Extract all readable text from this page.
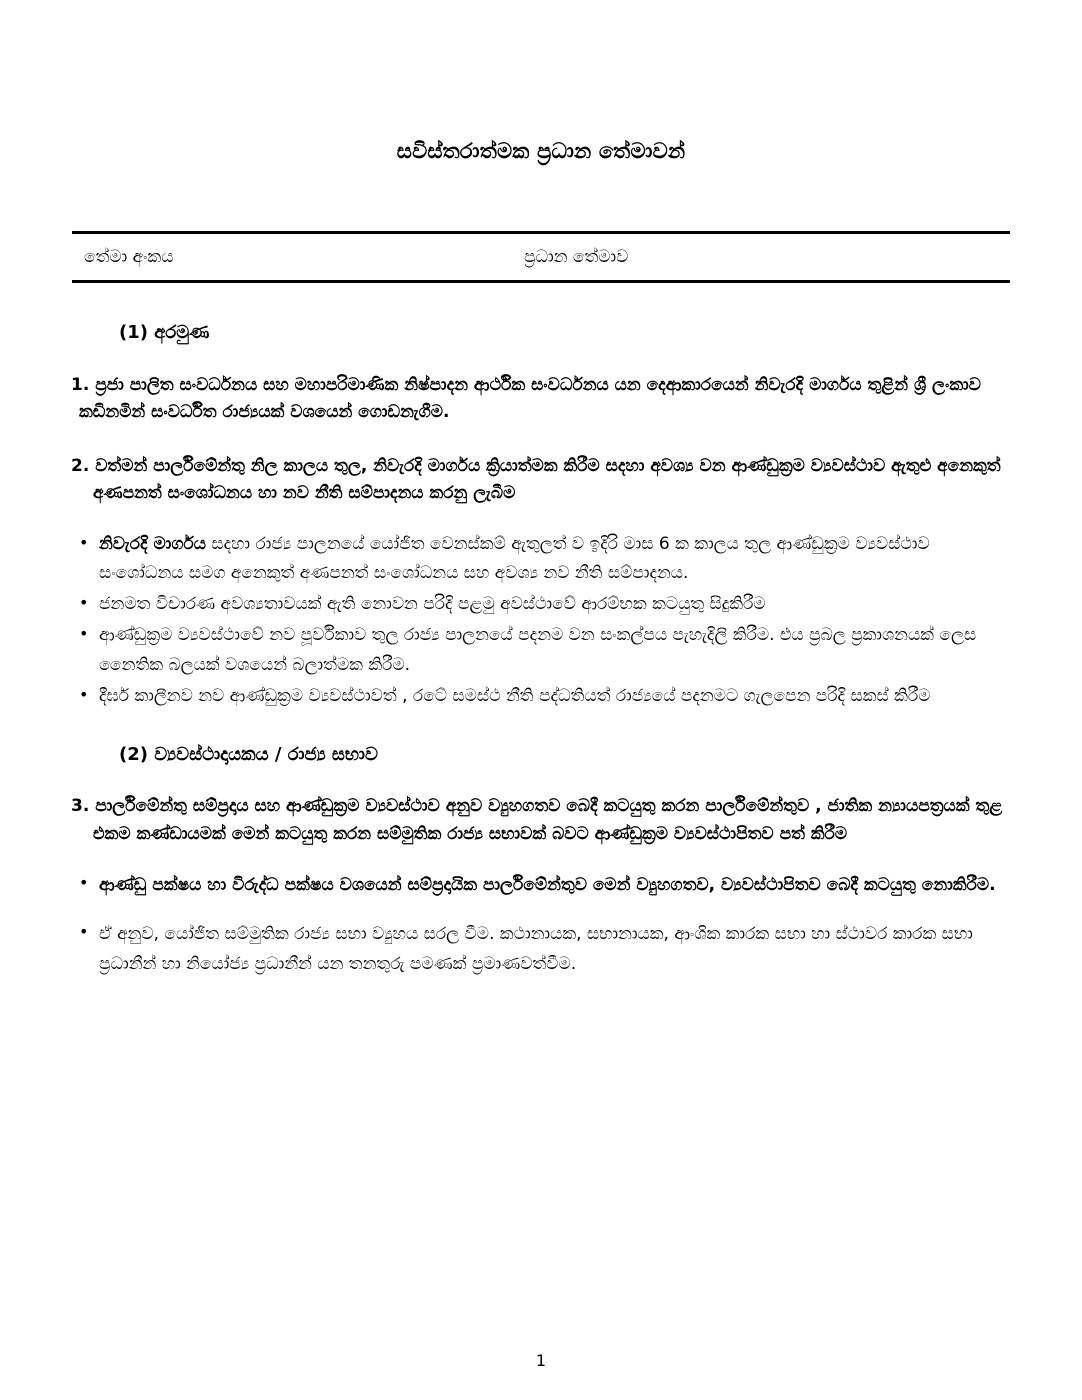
සවිස්තරාත්මක ප්‍රධාන තේමාවන්
තේමා අංකය	ප්‍රධාන තේමාව
(1) අරමුණ

1. ප්‍රජා පාලිත සංවර්ධනය සහ මහාපරිමාණික නිෂ්පාදන ආර්ථික සංවර්ධනය යන දෙආකාරයෙන් නිවැරදි මාර්ගය තුළින් ශ්‍රී ලංකාව කඩිනමින් සංවර්ධිත රාජ්‍යයක් වශයෙන් ගොඩනැගීම.

2. වත්මන් පාර්ලිමේන්තු නිල කාලය තුල, නිවැරදි මාර්ගය ක්‍රියාත්මක කිරීම සදහා අවශ්‍ය වන ආණ්ඩුක්‍රම ව්‍යවස්ථාව ඇතුළු අනෙකුත් අණපනත් සංශෝධනය හා නව නීති සම්පාදනය කරනු ලැබීම

• නිවැරදි මාර්ගය සදහා රාජ්‍ය පාලනයේ යෝජිත වෙනස්කම් ඇතුලත් ව ඉදිරි මාස 6 ක කාලය තුල ආණ්ඩුක්‍රම ව්‍යවස්ථාව සංශෝධනය සමග අනෙකුත් අණපනත් සංශෝධනය සහ අවශ්‍ය නව නීති සම්පාදනය.
• ජනමත විචාරණ අවශ්‍යතාවයක් ඇති නොවන පරිදි පළමු අවස්ථාවේ ආරම්භක කටයුතු සිදුකිරීම
• ආණ්ඩුක්‍රම ව්‍යවස්ථාවේ නව පූර්විකාව තුල රාජ්‍ය පාලනයේ පදනම වන සංකල්පය පැහැදිලි කිරීම. එය ප්‍රබල ප්‍රකාශනයක් ලෙස නෛතික බලයක් වශයෙන් බලාත්මක කිරීම.
• දීර්ඝ කාලීනව නව ආණ්ඩුක්‍රම ව්‍යවස්ථාවත් , රටේ සමස්ථ නීති පද්ධතියත් රාජ්‍යයේ පදනමට ගැලපෙන පරිදි සකස් කිරීම
(2) ව්‍යවස්ථාදායකය / රාජ්‍ය සභාව

3. පාර්ලිමේන්තු සම්ප්‍රදාය සහ ආණ්ඩුක්‍රම ව්‍යවස්ථාව අනුව ව්‍යුහගතව බෙදී කටයුතු කරන පාර්ලිමේන්තුව , ජාතික න්‍යායපත්‍රයක් තුළ එකම කණ්ඩායමක් මෙන් කටයුතු කරන සම්මුතික රාජ්‍ය සභාවක් බවට ආණ්ඩුක්‍රම ව්‍යවස්ථාපිතව පත් කිරීම

• ආණ්ඩු පක්ෂය හා විරුද්ධ පක්ෂය වශයෙන් සම්ප්‍රදායික පාර්ලිමේන්තුව මෙන් ව්‍යුහගතව, ව්‍යවස්ථාපිතව බෙදී කටයුතු නොකිරීම.
• ඒ අනුව, යෝජිත සම්මුතික රාජ්‍ය සභා ව්‍යුහය සරල වීම. කථානායක, සභානායක, ආංශික කාරක සභා හා ස්ථාවර කාරක සභා ප්‍රධානීන් හා නියෝජ්‍ය ප්‍රධානීන් යන තනතුරු පමණක් ප්‍රමාණවත්වීම.
1
